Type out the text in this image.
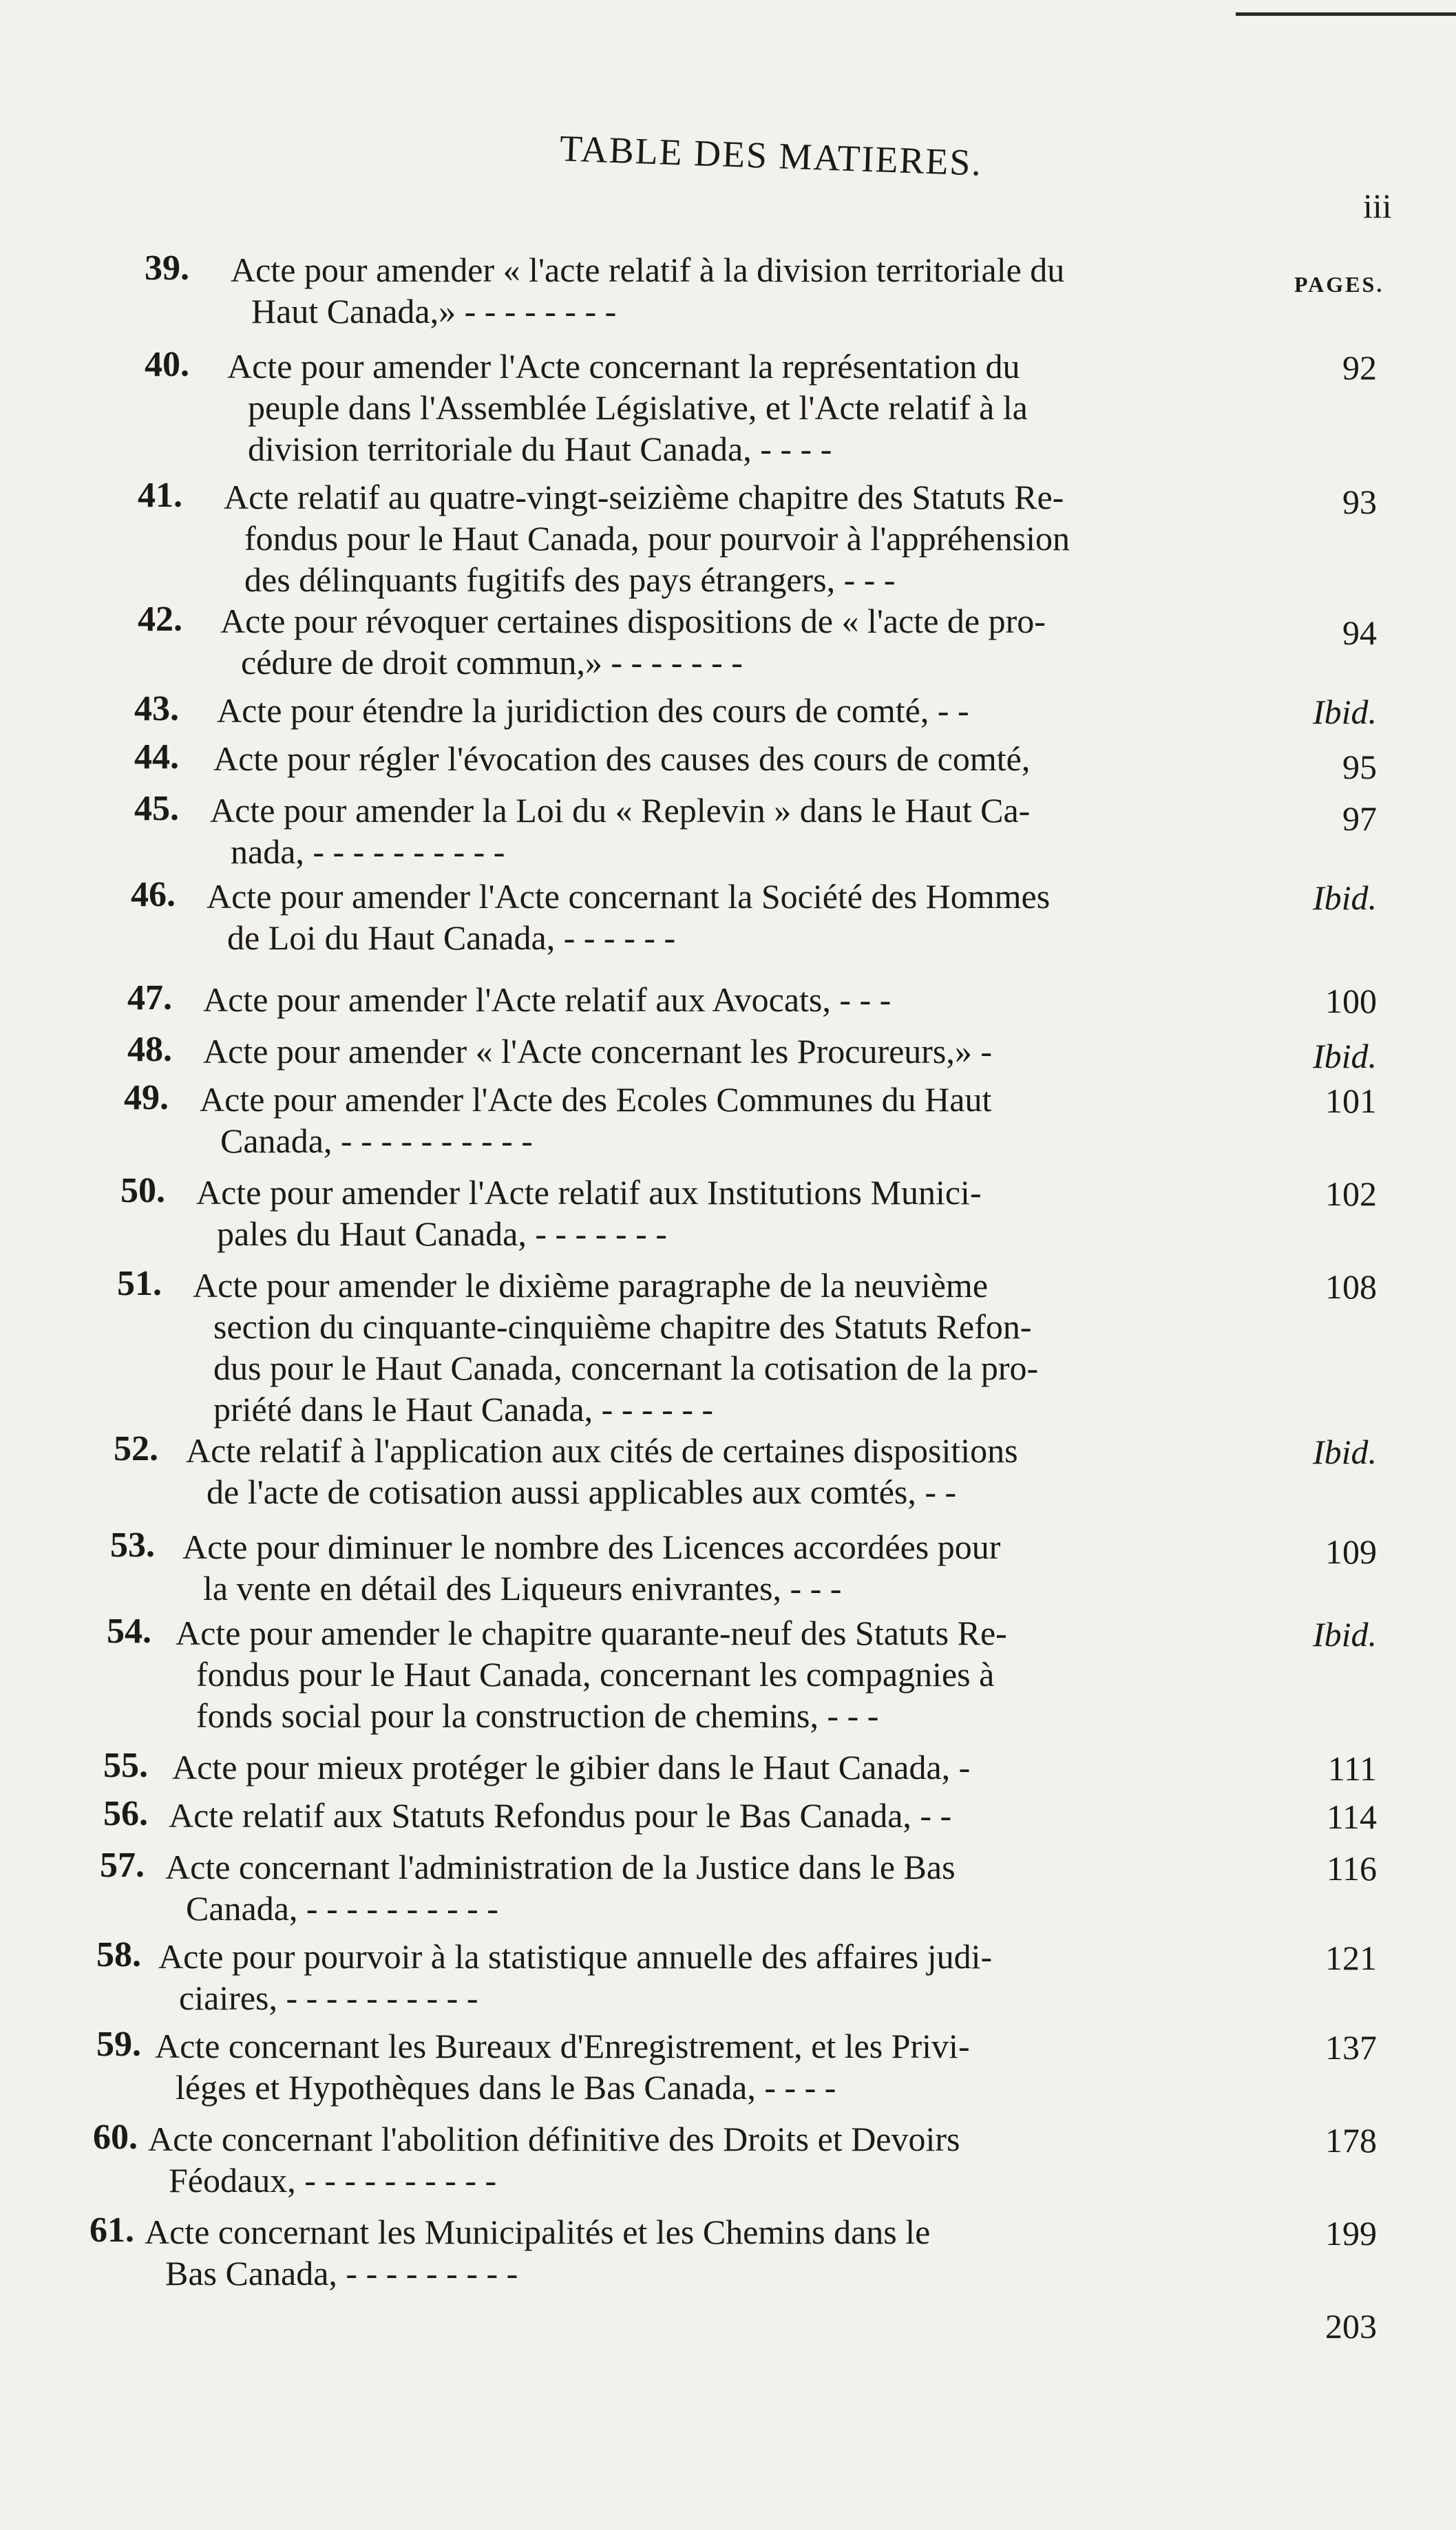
TABLE DES MATIERES.
iii
PAGES.
39. Acte pour amender « l'acte relatif à la division territoriale du
Haut Canada,» - - - - - - - -
92
40. Acte pour amender l'Acte concernant la représentation du
peuple dans l'Assemblée Législative, et l'Acte relatif à la
division territoriale du Haut Canada, - - - -
93
41. Acte relatif au quatre-vingt-seizième chapitre des Statuts Re-
fondus pour le Haut Canada, pour pourvoir à l'appréhension
des délinquants fugitifs des pays étrangers, - - -
94
42. Acte pour révoquer certaines dispositions de « l'acte de pro-
cédure de droit commun,» - - - - - - -
Ibid.
43. Acte pour étendre la juridiction des cours de comté, - -
95
44. Acte pour régler l'évocation des causes des cours de comté,
97
45. Acte pour amender la Loi du « Replevin » dans le Haut Ca-
nada, - - - - - - - - - -
Ibid.
46. Acte pour amender l'Acte concernant la Société des Hommes
de Loi du Haut Canada, - - - - - -
100
47. Acte pour amender l'Acte relatif aux Avocats, - - -
Ibid.
48. Acte pour amender « l'Acte concernant les Procureurs,» -
101
49. Acte pour amender l'Acte des Ecoles Communes du Haut
Canada, - - - - - - - - - -
102
50. Acte pour amender l'Acte relatif aux Institutions Munici-
pales du Haut Canada, - - - - - - -
108
51. Acte pour amender le dixième paragraphe de la neuvième
section du cinquante-cinquième chapitre des Statuts Refon-
dus pour le Haut Canada, concernant la cotisation de la pro-
priété dans le Haut Canada, - - - - - -
Ibid.
52. Acte relatif à l'application aux cités de certaines dispositions
de l'acte de cotisation aussi applicables aux comtés, - -
109
53. Acte pour diminuer le nombre des Licences accordées pour
la vente en détail des Liqueurs enivrantes, - - -
Ibid.
54. Acte pour amender le chapitre quarante-neuf des Statuts Re-
fondus pour le Haut Canada, concernant les compagnies à
fonds social pour la construction de chemins, - - -
111
55. Acte pour mieux protéger le gibier dans le Haut Canada, -
114
56. Acte relatif aux Statuts Refondus pour le Bas Canada, - -
116
57. Acte concernant l'administration de la Justice dans le Bas
Canada, - - - - - - - - - -
121
58. Acte pour pourvoir à la statistique annuelle des affaires judi-
ciaires, - - - - - - - - - -
137
59. Acte concernant les Bureaux d'Enregistrement, et les Privi-
léges et Hypothèques dans le Bas Canada, - - - -
178
60. Acte concernant l'abolition définitive des Droits et Devoirs
Féodaux, - - - - - - - - - -
199
61. Acte concernant les Municipalités et les Chemins dans le
Bas Canada, - - - - - - - - -
203
